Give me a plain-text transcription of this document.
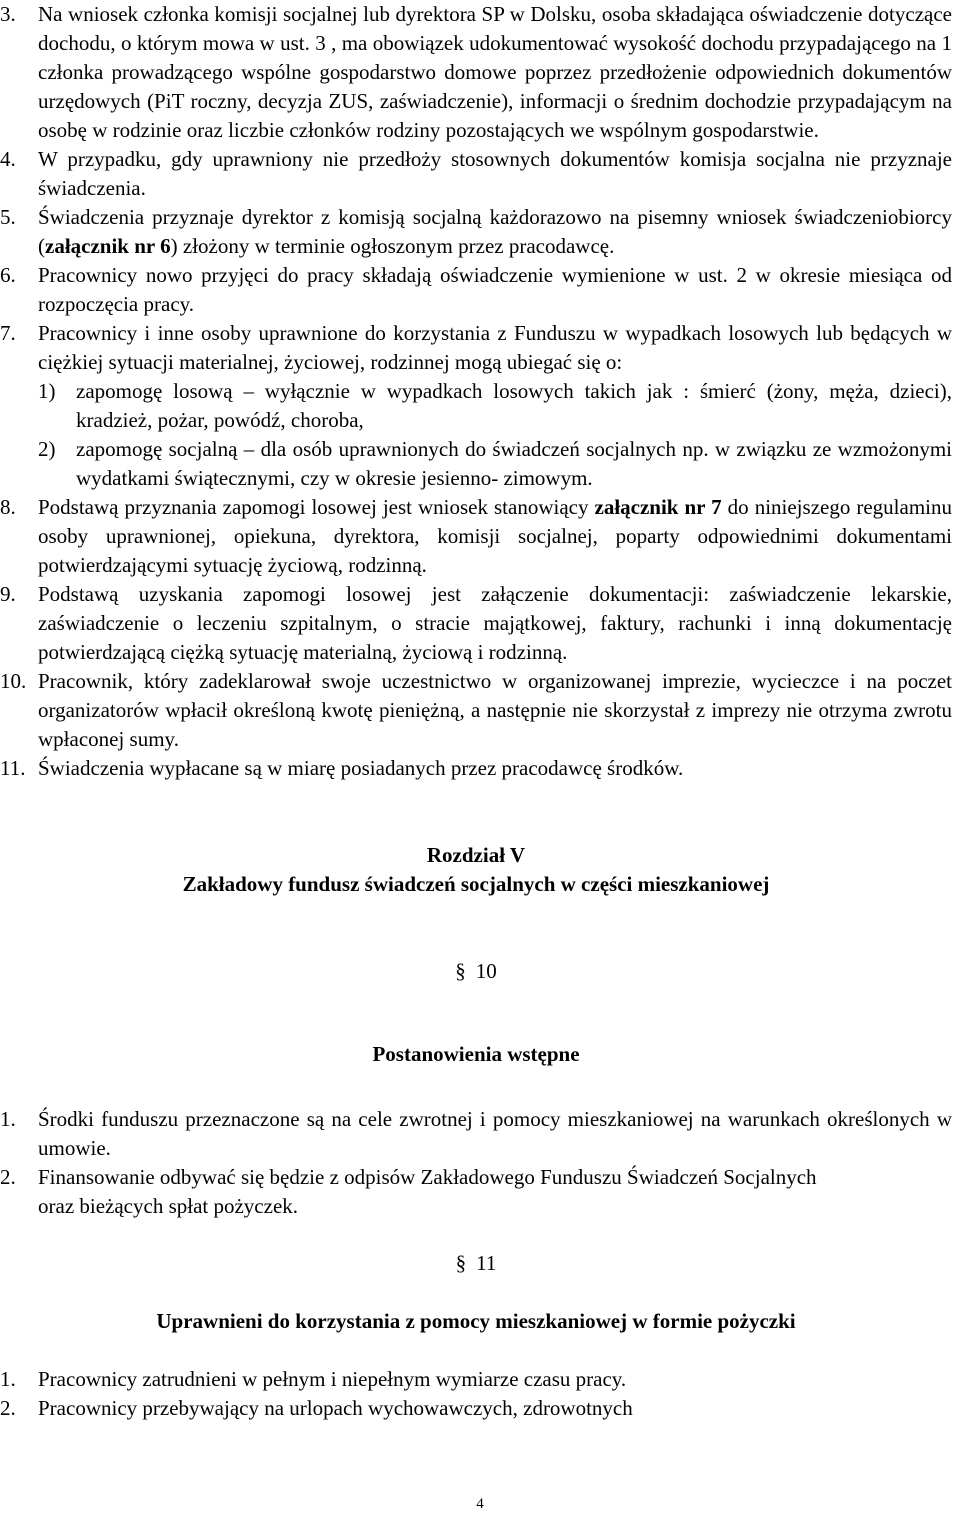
3.	Na wniosek członka komisji socjalnej lub dyrektora SP w Dolsku, osoba składająca oświadczenie dotyczące dochodu, o którym mowa w ust. 3 , ma obowiązek udokumentować wysokość dochodu przypadającego na 1 członka prowadzącego wspólne gospodarstwo domowe poprzez przedłożenie odpowiednich dokumentów urzędowych (PiT roczny, decyzja ZUS, zaświadczenie), informacji o średnim dochodzie przypadającym na osobę w rodzinie oraz liczbie członków rodziny pozostających we wspólnym gospodarstwie.
4.	W przypadku, gdy uprawniony nie przedłoży stosownych dokumentów komisja socjalna nie przyznaje świadczenia.
5.	Świadczenia przyznaje dyrektor z komisją socjalną każdorazowo na pisemny wniosek świadczeniobiorcy (załącznik nr 6) złożony w terminie ogłoszonym przez pracodawcę.
6.	Pracownicy nowo przyjęci do pracy składają oświadczenie wymienione w ust. 2 w okresie miesiąca od rozpoczęcia pracy.
7.	Pracownicy i inne osoby uprawnione do korzystania z Funduszu w wypadkach losowych lub będących w ciężkiej sytuacji materialnej, życiowej, rodzinnej mogą ubiegać się o:
1) zapomogę losową – wyłącznie w wypadkach losowych takich jak : śmierć (żony, męża, dzieci), kradzież, pożar, powódź, choroba,
2) zapomogę socjalną – dla osób uprawnionych do świadczeń socjalnych np. w związku ze wzmożonymi wydatkami świątecznymi, czy w okresie jesienno- zimowym.
8.	Podstawą przyznania zapomogi losowej jest wniosek stanowiący załącznik nr 7 do niniejszego regulaminu osoby uprawnionej, opiekuna, dyrektora, komisji socjalnej, poparty odpowiednimi dokumentami potwierdzającymi sytuację życiową, rodzinną.
9.	Podstawą uzyskania zapomogi losowej jest załączenie dokumentacji: zaświadczenie lekarskie, zaświadczenie o leczeniu szpitalnym, o stracie majątkowej, faktury, rachunki i inną dokumentację potwierdzającą ciężką sytuację materialną, życiową i rodzinną.
10. Pracownik, który zadeklarował swoje uczestnictwo w organizowanej imprezie, wycieczce i na poczet organizatorów wpłacił określoną kwotę pieniężną, a następnie nie skorzystał z imprezy nie otrzyma zwrotu wpłaconej sumy.
11. Świadczenia wypłacane są w miarę posiadanych przez pracodawcę środków.
Rozdział V
Zakładowy fundusz świadczeń socjalnych w części mieszkaniowej
§ 10
Postanowienia wstępne
1.	Środki funduszu przeznaczone są na cele zwrotnej i pomocy mieszkaniowej na warunkach określonych w umowie.
2.	Finansowanie odbywać się będzie z odpisów Zakładowego Funduszu Świadczeń Socjalnych oraz bieżących spłat pożyczek.
§ 11
Uprawnieni do korzystania z pomocy mieszkaniowej w formie pożyczki
1.	Pracownicy zatrudnieni w pełnym i niepełnym wymiarze czasu pracy.
2.	Pracownicy przebywający na urlopach wychowawczych, zdrowotnych
4
